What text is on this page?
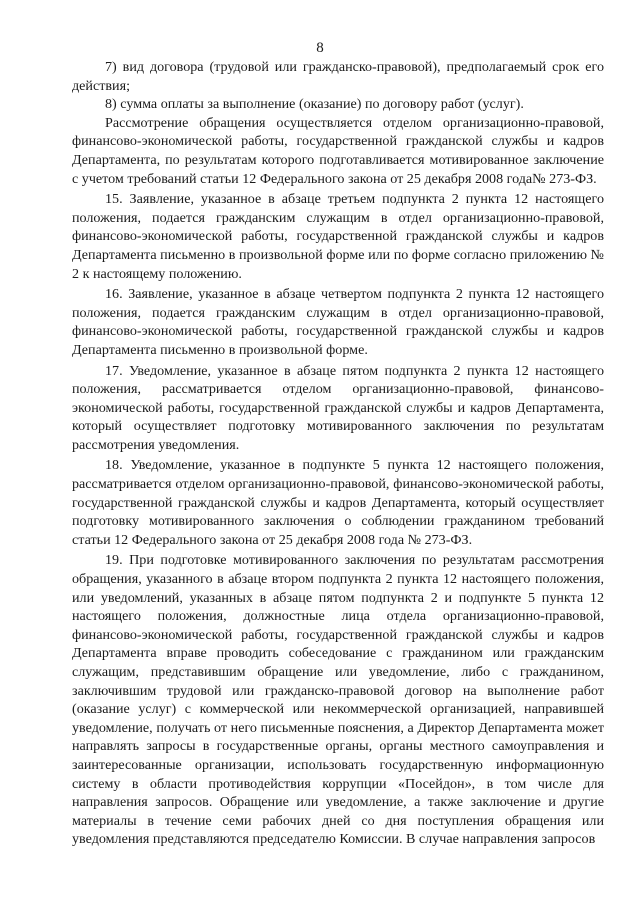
8

7) вид договора (трудовой или гражданско-правовой), предполагаемый срок его действия;

8) сумма оплаты за выполнение (оказание) по договору работ (услуг).

Рассмотрение обращения осуществляется отделом организационно-правовой, финансово-экономической работы, государственной гражданской службы и кадров Департамента, по результатам которого подготавливается мотивированное заключение с учетом требований статьи 12 Федерального закона от 25 декабря 2008 года№ 273-ФЗ.

15. Заявление, указанное в абзаце третьем подпункта 2 пункта 12 настоящего положения, подается гражданским служащим в отдел организационно-правовой, финансово-экономической работы, государственной гражданской службы и кадров Департамента письменно в произвольной форме или по форме согласно приложению № 2 к настоящему положению.

16. Заявление, указанное в абзаце четвертом подпункта 2 пункта 12 настоящего положения, подается гражданским служащим в отдел организационно-правовой, финансово-экономической работы, государственной гражданской службы и кадров Департамента письменно в произвольной форме.

17. Уведомление, указанное в абзаце пятом подпункта 2 пункта 12 настоящего положения, рассматривается отделом организационно-правовой, финансово-экономической работы, государственной гражданской службы и кадров Департамента, который осуществляет подготовку мотивированного заключения по результатам рассмотрения уведомления.

18. Уведомление, указанное в подпункте 5 пункта 12 настоящего положения, рассматривается отделом организационно-правовой, финансово-экономической работы, государственной гражданской службы и кадров Департамента, который осуществляет подготовку мотивированного заключения о соблюдении гражданином требований статьи 12 Федерального закона от 25 декабря 2008 года № 273-ФЗ.

19. При подготовке мотивированного заключения по результатам рассмотрения обращения, указанного в абзаце втором подпункта 2 пункта 12 настоящего положения, или уведомлений, указанных в абзаце пятом подпункта 2 и подпункте 5 пункта 12 настоящего положения, должностные лица отдела организационно-правовой, финансово-экономической работы, государственной гражданской службы и кадров Департамента вправе проводить собеседование с гражданином или гражданским служащим, представившим обращение или уведомление, либо с гражданином, заключившим трудовой или гражданско-правовой договор на выполнение работ (оказание услуг) с коммерческой или некоммерческой организацией, направившей уведомление, получать от него письменные пояснения, а Директор Департамента может направлять запросы в государственные органы, органы местного самоуправления и заинтересованные организации, использовать государственную информационную систему в области противодействия коррупции «Посейдон», в том числе для направления запросов. Обращение или уведомление, а также заключение и другие материалы в течение семи рабочих дней со дня поступления обращения или уведомления представляются председателю Комиссии. В случае направления запросов
